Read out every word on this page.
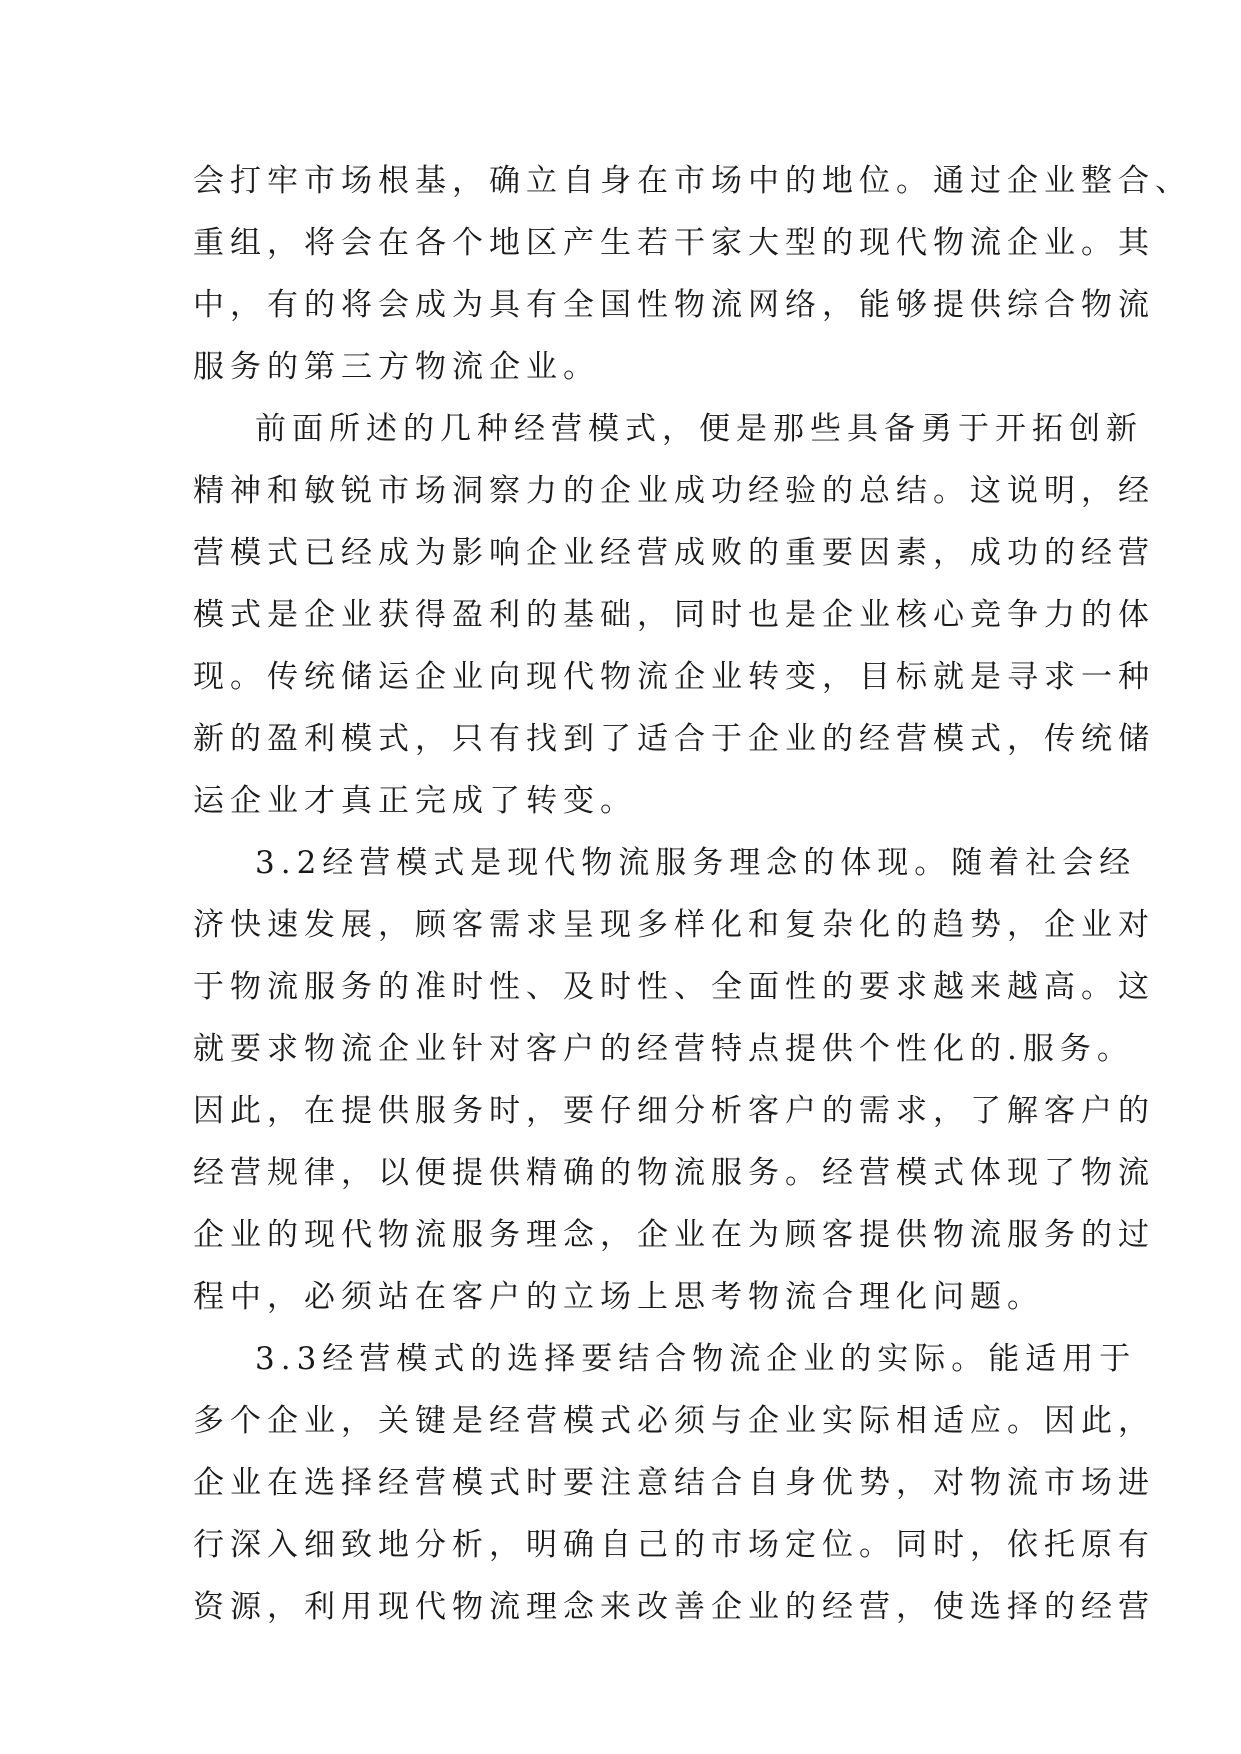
会打牢市场根基，确立自身在市场中的地位。通过企业整合、
重组，将会在各个地区产生若干家大型的现代物流企业。其
中，有的将会成为具有全国性物流网络，能够提供综合物流
服务的第三方物流企业。
前面所述的几种经营模式，便是那些具备勇于开拓创新
精神和敏锐市场洞察力的企业成功经验的总结。这说明，经
营模式已经成为影响企业经营成败的重要因素，成功的经营
模式是企业获得盈利的基础，同时也是企业核心竞争力的体
现。传统储运企业向现代物流企业转变，目标就是寻求一种
新的盈利模式，只有找到了适合于企业的经营模式，传统储
运企业才真正完成了转变。
3.2经营模式是现代物流服务理念的体现。随着社会经
济快速发展，顾客需求呈现多样化和复杂化的趋势，企业对
于物流服务的准时性、及时性、全面性的要求越来越高。这
就要求物流企业针对客户的经营特点提供个性化的.服务。
因此，在提供服务时，要仔细分析客户的需求，了解客户的
经营规律，以便提供精确的物流服务。经营模式体现了物流
企业的现代物流服务理念，企业在为顾客提供物流服务的过
程中，必须站在客户的立场上思考物流合理化问题。
3.3经营模式的选择要结合物流企业的实际。能适用于
多个企业，关键是经营模式必须与企业实际相适应。因此，
企业在选择经营模式时要注意结合自身优势，对物流市场进
行深入细致地分析，明确自己的市场定位。同时，依托原有
资源，利用现代物流理念来改善企业的经营，使选择的经营
